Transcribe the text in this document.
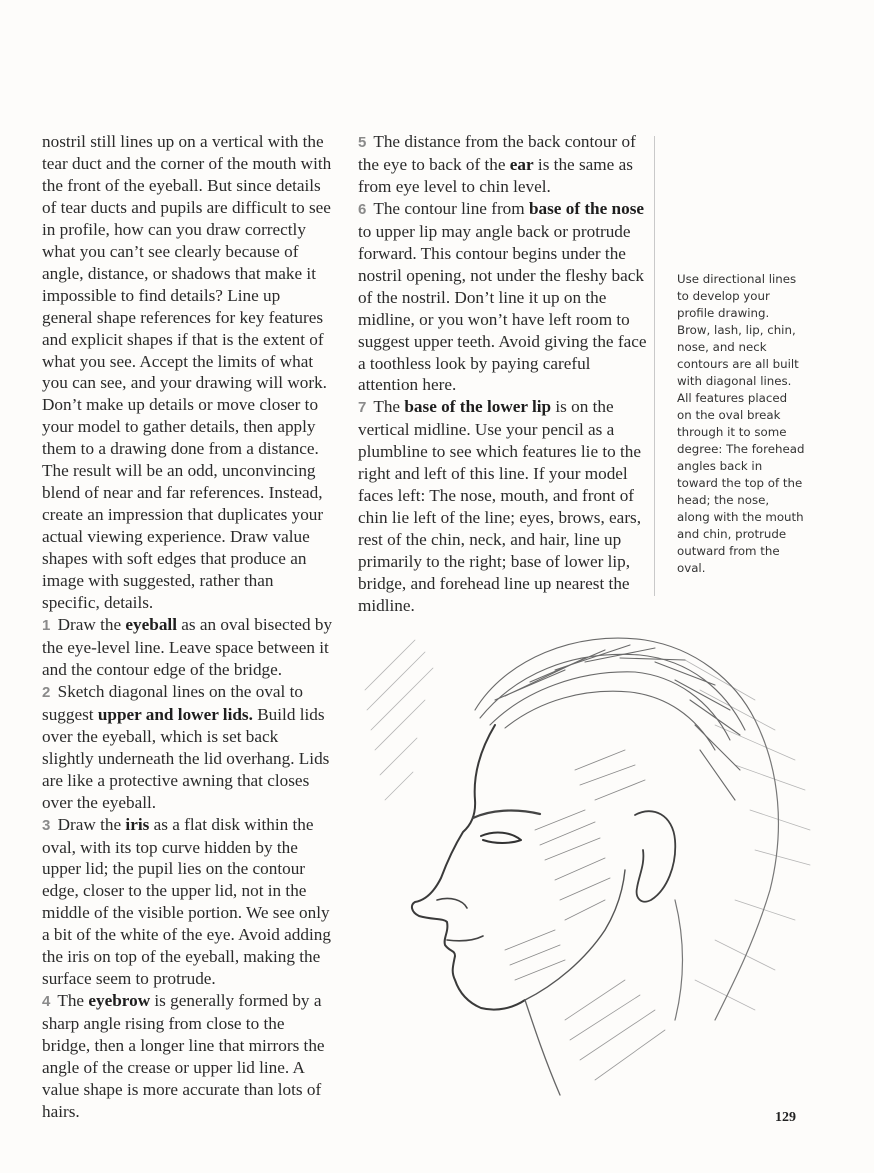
nostril still lines up on a vertical with the tear duct and the corner of the mouth with the front of the eyeball. But since details of tear ducts and pupils are difficult to see in profile, how can you draw correctly what you can’t see clearly because of angle, distance, or shadows that make it impossible to find details? Line up general shape references for key features and explicit shapes if that is the extent of what you see. Accept the limits of what you can see, and your drawing will work. Don’t make up details or move closer to your model to gather details, then apply them to a drawing done from a distance. The result will be an odd, unconvincing blend of near and far references. Instead, create an impression that duplicates your actual viewing experience. Draw value shapes with soft edges that produce an image with suggested, rather than specific, details.

1 Draw the eyeball as an oval bisected by the eye-level line. Leave space between it and the contour edge of the bridge.

2 Sketch diagonal lines on the oval to suggest upper and lower lids. Build lids over the eyeball, which is set back slightly underneath the lid overhang. Lids are like a protective awning that closes over the eyeball.

3 Draw the iris as a flat disk within the oval, with its top curve hidden by the upper lid; the pupil lies on the contour edge, closer to the upper lid, not in the middle of the visible portion. We see only a bit of the white of the eye. Avoid adding the iris on top of the eyeball, making the surface seem to protrude.

4 The eyebrow is generally formed by a sharp angle rising from close to the bridge, then a longer line that mirrors the angle of the crease or upper lid line. A value shape is more accurate than lots of hairs.

5 The distance from the back contour of the eye to back of the ear is the same as from eye level to chin level.

6 The contour line from base of the nose to upper lip may angle back or protrude forward. This contour begins under the nostril opening, not under the fleshy back of the nostril. Don’t line it up on the midline, or you won’t have left room to suggest upper teeth. Avoid giving the face a toothless look by paying careful attention here.

7 The base of the lower lip is on the vertical midline. Use your pencil as a plumbline to see which features lie to the right and left of this line. If your model faces left: The nose, mouth, and front of chin lie left of the line; eyes, brows, ears, rest of the chin, neck, and hair, line up primarily to the right; base of lower lip, bridge, and forehead line up nearest the midline.

Use directional lines to develop your profile drawing. Brow, lash, lip, chin, nose, and neck contours are all built with diagonal lines. All features placed on the oval break through it to some degree: The forehead angles back in toward the top of the head; the nose, along with the mouth and chin, protrude outward from the oval.
129
